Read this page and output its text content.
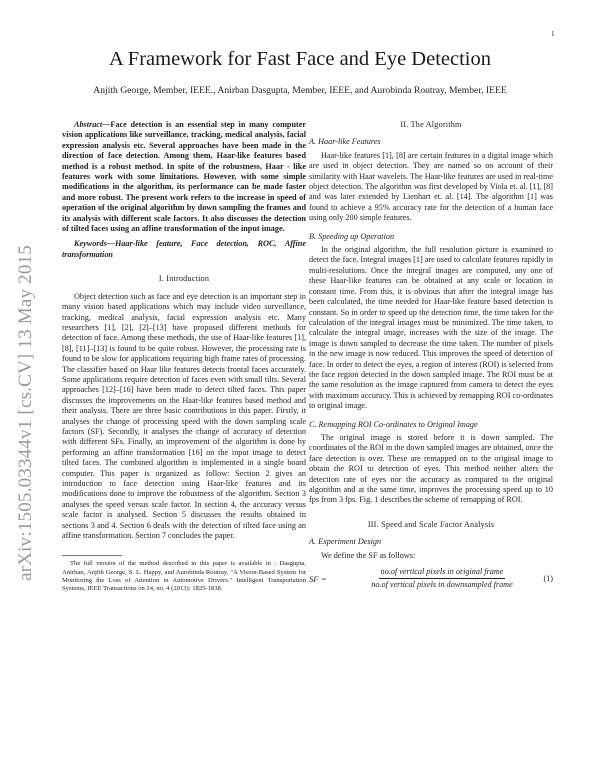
1
arXiv:1505.03344v1 [cs.CV] 13 May 2015
A Framework for Fast Face and Eye Detection
Anjith George, Member, IEEE., Anirban Dasgupta, Member, IEEE, and Aurobinda Routray, Member, IEEE

Abstract—Face detection is an essential step in many computer vision applications like surveillance, tracking, medical analysis, facial expression analysis etc. Several approaches have been made in the direction of face detection. Among them, Haar-like features based method is a robust method. In spite of the robustness, Haar - like features work with some limitations. However, with some simple modifications in the algorithm, its performance can be made faster and more robust. The present work refers to the increase in speed of operation of the original algorithm by down sampling the frames and its analysis with different scale factors. It also discusses the detection of tilted faces using an affine transformation of the input image.

Keywords—Haar-like feature, Face detection, ROC, Affine transformation

I. Introduction

Object detection such as face and eye detection is an important step in many vision based applications which may include video surveillance, tracking, medical analysis, facial expression analysis etc. Many researchers [1], [2], [2]–[13] have proposed different methods for detection of face. Among these methods, the use of Haar-like features [1], [8], [11]–[13] is found to be quite robust. However, the processing rate is found to be slow for applications requiring high frame rates of processing. The classifier based on Haar like features detects frontal faces accurately. Some applications require detection of faces even with small tilts. Several approaches [12]–[16] have been made to detect tilted faces. This paper discusses the improvements on the Haar-like features based method and their analysis. There are three basic contributions in this paper. Firstly, it analyses the change of processing speed with the down sampling scale factors (SF). Secondly, it analyses the change of accuracy of detection with different SFs. Finally, an improvement of the algorithm is done by performing an affine transformation [16] on the input image to detect tilted faces. The combined algorithm is implemented in a single board computer. This paper is organized as follow: Section 2 gives an introduction to face detection using Haar-like features and its modifications done to improve the robustness of the algorithm. Section 3 analyses the speed versus scale factor. In section 4, the accuracy versus scale factor is analysed. Section 5 discusses the results obtained in sections 3 and 4. Section 6 deals with the detection of tilted face using an affine transformation. Section 7 concludes the paper.

The full version of the method described in this paper is available in : Dasgupta, Anirban, Anjith George, S. L. Happy, and Aurobinda Routray. "A Vision-Based System for Monitoring the Loss of Attention in Automotive Drivers." Intelligent Transportation Systems, IEEE Transactions on 14, no. 4 (2013): 1825-1838.

II. The Algorithm
A. Haar-like Features

Haar-like features [1], [8] are certain features in a digital image which are used in object detection. They are named so on account of their similarity with Haar wavelets. The Haar-like features are used in real-time object detection. The algorithm was first developed by Viola et. al. [1], [8] and was later extended by Lienhart et. al. [14]. The algorithm [1] was found to achieve a 95% accuracy rate for the detection of a human face using only 200 simple features.

B. Speeding up Operation

In the original algorithm, the full resolution picture is examined to detect the face. Integral images [1] are used to calculate features rapidly in multi-resolutions. Once the integral images are computed, any one of these Haar-like features can be obtained at any scale or location in constant time. From this, it is obvious that after the integral image has been calculated, the time needed for Haar-like feature based detection is constant. So in order to speed up the detection time, the time taken for the calculation of the integral images must be minimized. The time taken, to calculate the integral image, increases with the size of the image. The image is down sampled to decrease the time taken. The number of pixels in the new image is now reduced. This improves the speed of detection of face. In order to detect the eyes, a region of interest (ROI) is selected from the face region detected in the down sampled image. The ROI must be at the same resolution as the image captured from camera to detect the eyes with maximum accuracy. This is achieved by remapping ROI co-ordinates to original image.

C. Remapping ROI Co-ordinates to Original Image

The original image is stored before it is down sampled. The coordinates of the ROI in the down sampled images are obtained, once the face detection is over. These are remapped on to the original image to obtain the ROI to detection of eyes. This method neither alters the detection rate of eyes nor the accuracy as compared to the original algorithm and at the same time, improves the processing speed up to 10 fps from 3 fps. Fig. 1 describes the scheme of remapping of ROI.

III. Speed and Scale Factor Analysis
A. Experiment Design

We define the SF as follows:

SF =	$\frac{\text{no.of vertical pixels in original frame}}{\text{no.of vertical pixels in downsampled frame}}$	(1)
